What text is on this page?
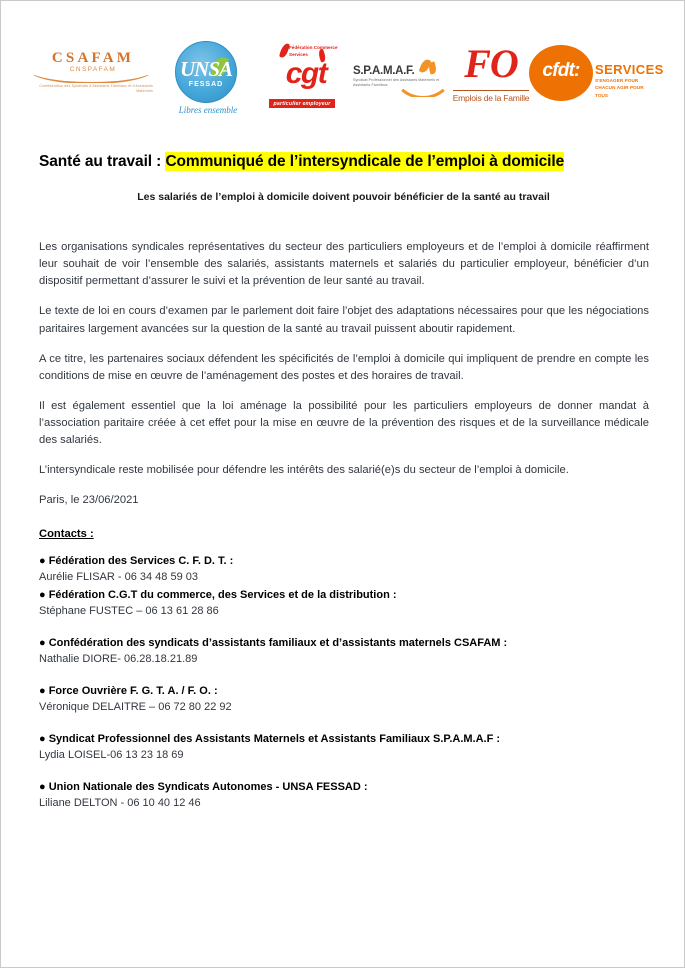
CSAFAM
CNSPAFAM
Confédération des Syndicats d'Assistants Familiaux et d'Assistants Maternels
UNSA
FESSAD
Libres ensemble
Fédération Commerce Services
cgt
particulier employeur
S.P.A.M.A.F.
Syndicat Professionnel des Assistants Maternels et Assistants Familiaux	FO
Emplois de la Famille
cfdt:	SERVICES
S'ENGAGER POUR CHACUN AGIR POUR TOUS
Santé au travail : Communiqué de l’intersyndicale de l’emploi à domicile
Les salariés de l’emploi à domicile doivent pouvoir bénéficier de la santé au travail

Les organisations syndicales représentatives du secteur des particuliers employeurs et de l’emploi à domicile réaffirment leur souhait de voir l’ensemble des salariés, assistants maternels et salariés du particulier employeur, bénéficier d’un dispositif permettant d’assurer le suivi et la prévention de leur santé au travail.

Le texte de loi en cours d’examen par le parlement doit faire l’objet des adaptations nécessaires pour que les négociations paritaires largement avancées sur la question de la santé au travail puissent aboutir rapidement.

A ce titre, les partenaires sociaux défendent les spécificités de l’emploi à domicile qui impliquent de prendre en compte les conditions de mise en œuvre de l’aménagement des postes et des horaires de travail.

Il est également essentiel que la loi aménage la possibilité pour les particuliers employeurs de donner mandat à l’association paritaire créée à cet effet pour la mise en œuvre de la prévention des risques et de la surveillance médicale des salariés.

L’intersyndicale reste mobilisée pour défendre les intérêts des salarié(e)s du secteur de l’emploi à domicile.

Paris, le 23/06/2021

Contacts :

● Fédération des Services C. F. D. T. :

Aurélie FLISAR - 06 34 48 59 03

● Fédération C.G.T du commerce, des Services et de la distribution :

Stéphane FUSTEC – 06 13 61 28 86

● Confédération des syndicats d’assistants familiaux et d’assistants maternels CSAFAM :

Nathalie DIORE- 06.28.18.21.89

● Force Ouvrière F. G. T. A. / F. O. :

Véronique DELAITRE – 06 72 80 22 92

● Syndicat Professionnel des Assistants Maternels et Assistants Familiaux S.P.A.M.A.F :

Lydia LOISEL-06 13 23 18 69

● Union Nationale des Syndicats Autonomes - UNSA FESSAD :

Liliane DELTON - 06 10 40 12 46
